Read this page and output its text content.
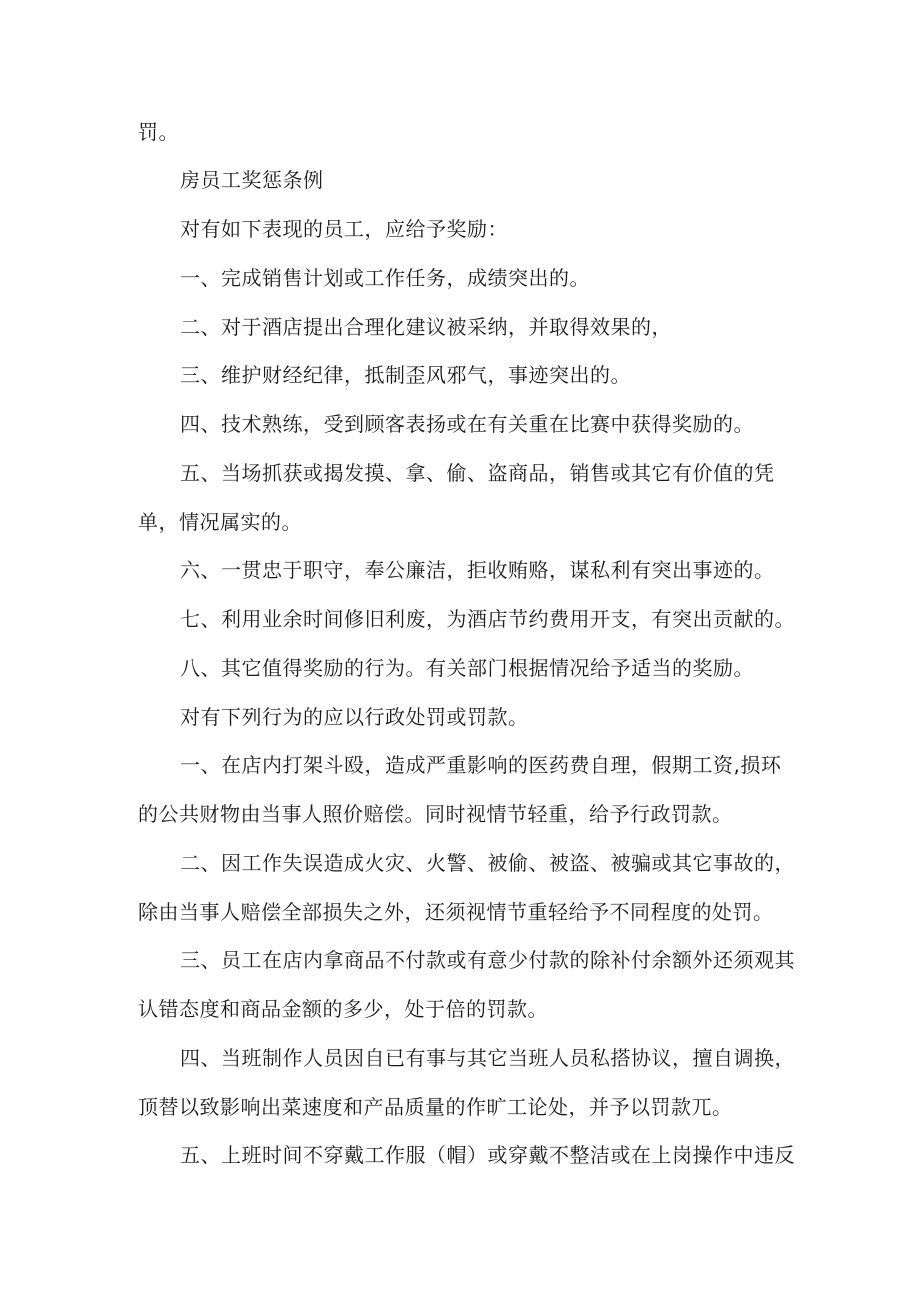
罚。
房员工奖惩条例
对有如下表现的员工，应给予奖励：
一、完成销售计划或工作任务，成绩突出的。
二、对于酒店提出合理化建议被采纳，并取得效果的，
三、维护财经纪律，抵制歪风邪气，事迹突出的。
四、技术熟练，受到顾客表扬或在有关重在比赛中获得奖励的。
五、当场抓获或揭发摸、拿、偷、盗商品，销售或其它有价值的凭
单，情况属实的。
六、一贯忠于职守，奉公廉洁，拒收贿赂，谋私利有突出事迹的。
七、利用业余时间修旧利废，为酒店节约费用开支，有突出贡献的。
八、其它值得奖励的行为。有关部门根据情况给予适当的奖励。
对有下列行为的应以行政处罚或罚款。
一、在店内打架斗殴，造成严重影响的医药费自理，假期工资,损环
的公共财物由当事人照价赔偿。同时视情节轻重，给予行政罚款。
二、因工作失误造成火灾、火警、被偷、被盗、被骗或其它事故的，
除由当事人赔偿全部损失之外，还须视情节重轻给予不同程度的处罚。
三、员工在店内拿商品不付款或有意少付款的除补付余额外还须观其
认错态度和商品金额的多少，处于倍的罚款。
四、当班制作人员因自已有事与其它当班人员私搭协议，擅自调换，
顶替以致影响出菜速度和产品质量的作旷工论处，并予以罚款兀。
五、上班时间不穿戴工作服（帽）或穿戴不整洁或在上岗操作中违反
